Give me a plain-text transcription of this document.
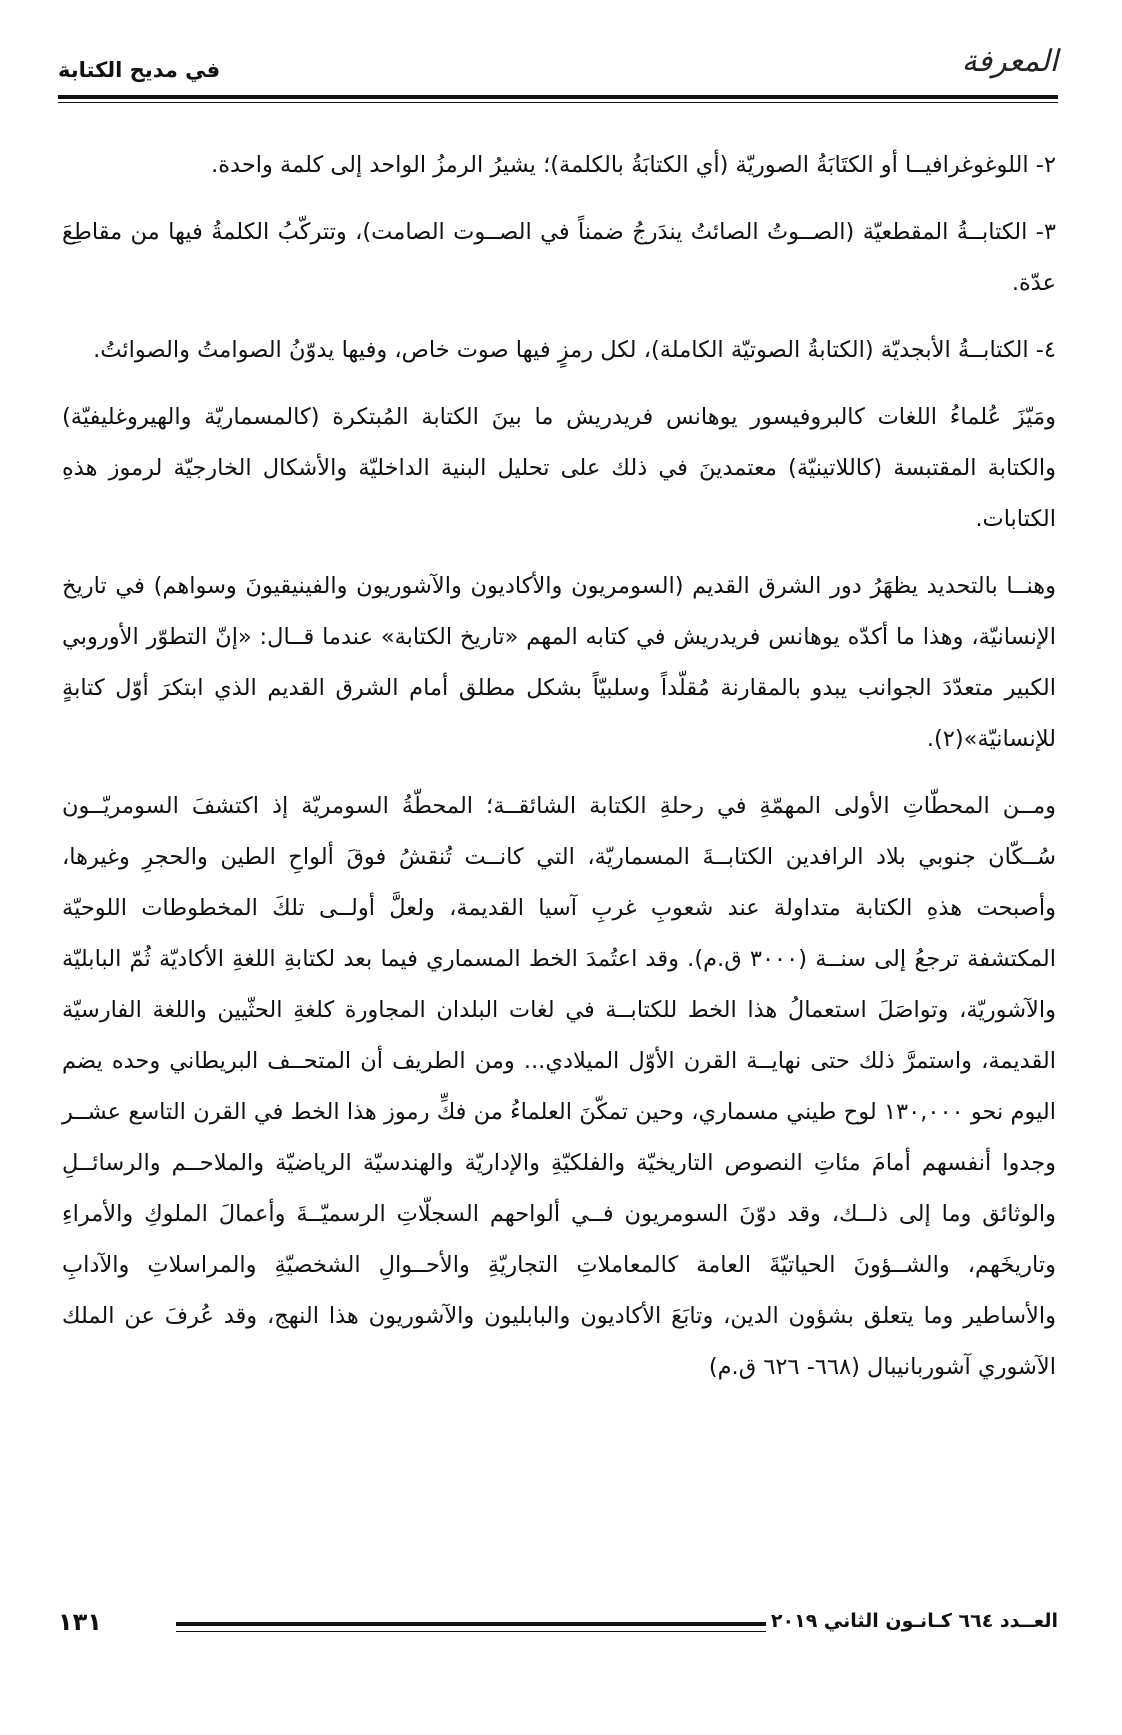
المعرفة
في مديح الكتابة

٢- اللوغوغرافيــا أو الكتَابَةُ الصوريّة (أي الكتابَةُ بالكلمة)؛ يشيرُ الرمزُ الواحد إلى كلمة واحدة.

٣- الكتابــةُ المقطعيّة (الصــوتُ الصائتُ يندَرجُ ضمناً في الصــوت الصامت)، وتتركّبُ الكلمةُ فيها من مقاطِعَ عدّة.

٤- الكتابــةُ الأبجديّة (الكتابةُ الصوتيّة الكاملة)، لكل رمزٍ فيها صوت خاص، وفيها يدوّنُ الصوامتُ والصوائتُ.

ومَيّزَ عُلماءُ اللغات كالبروفيسور يوهانس فريدريش ما بينَ الكتابة المُبتكرة (كالمسماريّة والهيروغليفيّة) والكتابة المقتبسة (كاللاتينيّة) معتمدينَ في ذلك على تحليل البنية الداخليّة والأشكال الخارجيّة لرموز هذهِ الكتابات.

وهنــا بالتحديد يظهَرُ دور الشرق القديم (السومريون والأكاديون والآشوريون والفينيقيونَ وسواهم) في تاريخ الإنسانيّة، وهذا ما أكدّه يوهانس فريدريش في كتابه المهم «تاريخ الكتابة» عندما قــال: «إنّ التطوّر الأوروبي الكبير متعدّدَ الجوانب يبدو بالمقارنة مُقلّداً وسلبيّاً بشكل مطلق أمام الشرق القديم الذي ابتكرَ أوّل كتابةٍ للإنسانيّة»(٢).

ومــن المحطّاتِ الأولى المهمّةِ في رحلةِ الكتابة الشائقــة؛ المحطّةُ السومريّة إذ اكتشفَ السومريّــون سُــكّان جنوبي بلاد الرافدين الكتابــةَ المسماريّة، التي كانــت تُنقشُ فوقَ ألواحِ الطين والحجرِ وغيرها، وأصبحت هذهِ الكتابة متداولة عند شعوبِ غربِ آسيا القديمة، ولعلَّ أولــى تلكَ المخطوطات اللوحيّة المكتشفة ترجعُ إلى سنــة (٣٠٠٠ ق.م). وقد اعتُمدَ الخط المسماري فيما بعد لكتابةِ اللغةِ الأكاديّة ثُمّ البابليّة والآشوريّة، وتواصَلَ استعمالُ هذا الخط للكتابــة في لغات البلدان المجاورة كلغةِ الحثّيين واللغة الفارسيّة القديمة، واستمرَّ ذلك حتى نهايــة القرن الأوّل الميلادي... ومن الطريف أن المتحــف البريطاني وحده يضم اليوم نحو ١٣٠,٠٠٠ لوح طيني مسماري، وحين تمكّنَ العلماءُ من فكِّ رموز هذا الخط في القرن التاسع عشــر وجدوا أنفسهم أمامَ مئاتِ النصوص التاريخيّة والفلكيّةِ والإداريّة والهندسيّة الرياضيّة والملاحــم والرسائــلِ والوثائق وما إلى ذلــك، وقد دوّنَ السومريون فــي ألواحهم السجلّاتِ الرسميّــةَ وأعمالَ الملوكِ والأمراءِ وتاريخَهم، والشــؤونَ الحياتيّةَ العامة كالمعاملاتِ التجاريّةِ والأحــوالِ الشخصيّةِ والمراسلاتِ والآدابِ والأساطير وما يتعلق بشؤون الدين، وتابَعَ الأكاديون والبابليون والآشوريون هذا النهج، وقد عُرفَ عن الملك الآشوري آشوربانيبال (٦٦٨- ٦٢٦ ق.م)

العــدد ٦٦٤ كـانـون الثاني ٢٠١٩
١٣١
